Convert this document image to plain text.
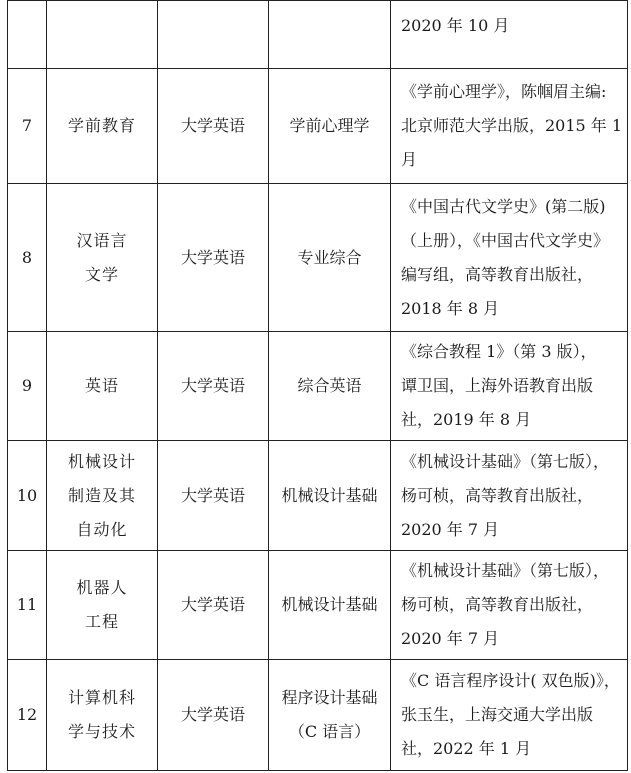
				2020 年 10 月

7	学前教育	大学英语	学前心理学	《学前心理学》，陈帼眉主编:
北京师范大学出版，2015 年 1
月

8	汉语言
文学	大学英语	专业综合	《中国古代文学史》(第二版)
（上册），《中国古代文学史》
编写组，高等教育出版社，
2018 年 8 月

9	英语	大学英语	综合英语	《综合教程 1》（第 3 版），
谭卫国，上海外语教育出版
社，2019 年 8 月

10	机械设计
制造及其
自动化	大学英语	机械设计基础	《机械设计基础》（第七版），
杨可桢，高等教育出版社，
2020 年 7 月

11	机器人
工程	大学英语	机械设计基础	《机械设计基础》（第七版），
杨可桢，高等教育出版社，
2020 年 7 月

12	计算机科
学与技术	大学英语	程序设计基础
（C 语言）	《C 语言程序设计( 双色版)》，
张玉生，上海交通大学出版
社，2022 年 1 月
